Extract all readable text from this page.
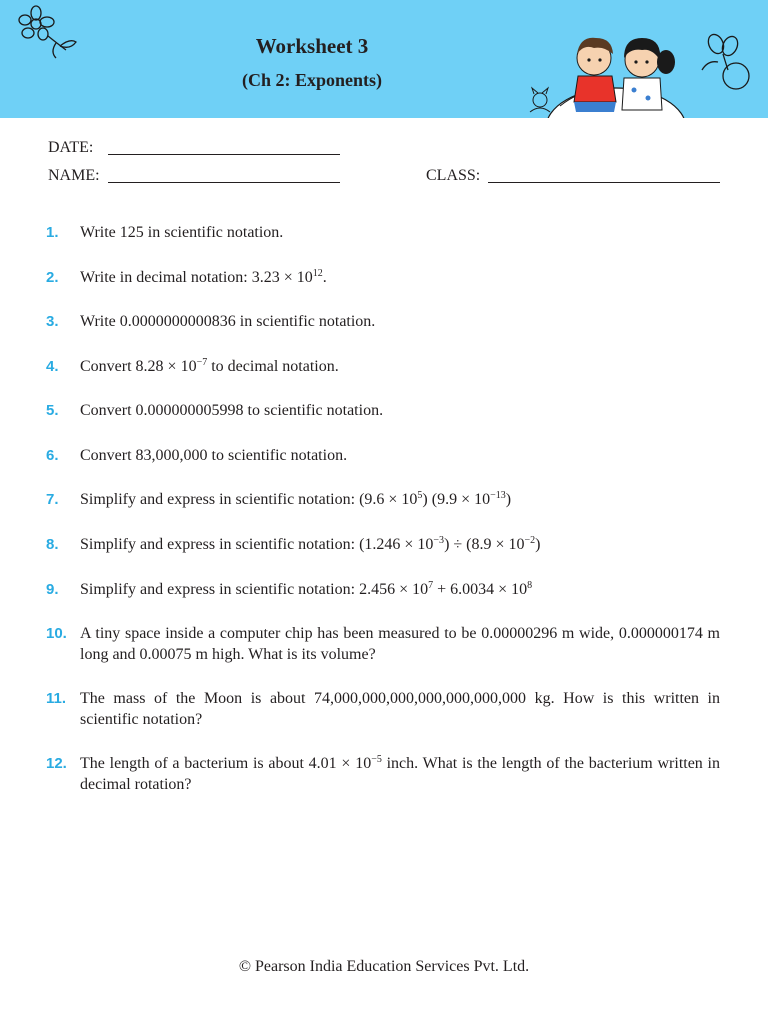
Worksheet 3
(Ch 2: Exponents)
DATE:
NAME:	CLASS:
1.	Write 125 in scientific notation.
2.	Write in decimal notation: $3.23 \times 10^{12}$.
3.	Write 0.0000000000836 in scientific notation.
4.	Convert $8.28 \times 10^{-7}$ to decimal notation.
5.	Convert 0.000000005998 to scientific notation.
6.	Convert 83,000,000 to scientific notation.
7.	Simplify and express in scientific notation: $(9.6 \times 10^5)$ $(9.9 \times 10^{-13})$
8.	Simplify and express in scientific notation: $(1.246 \times 10^{-3}) \div (8.9 \times 10^{-2})$
9.	Simplify and express in scientific notation: $2.456 \times 10^7 + 6.0034 \times 10^8$
10. A tiny space inside a computer chip has been measured to be 0.00000296 m wide, 0.000000174 m long and 0.00075 m high. What is its volume?
11. The mass of the Moon is about 74,000,000,000,000,000,000,000 kg. How is this written in scientific notation?
12. The length of a bacterium is about $4.01 \times 10^{-5}$ inch. What is the length of the bacterium written in decimal rotation?
© Pearson India Education Services Pvt. Ltd.
